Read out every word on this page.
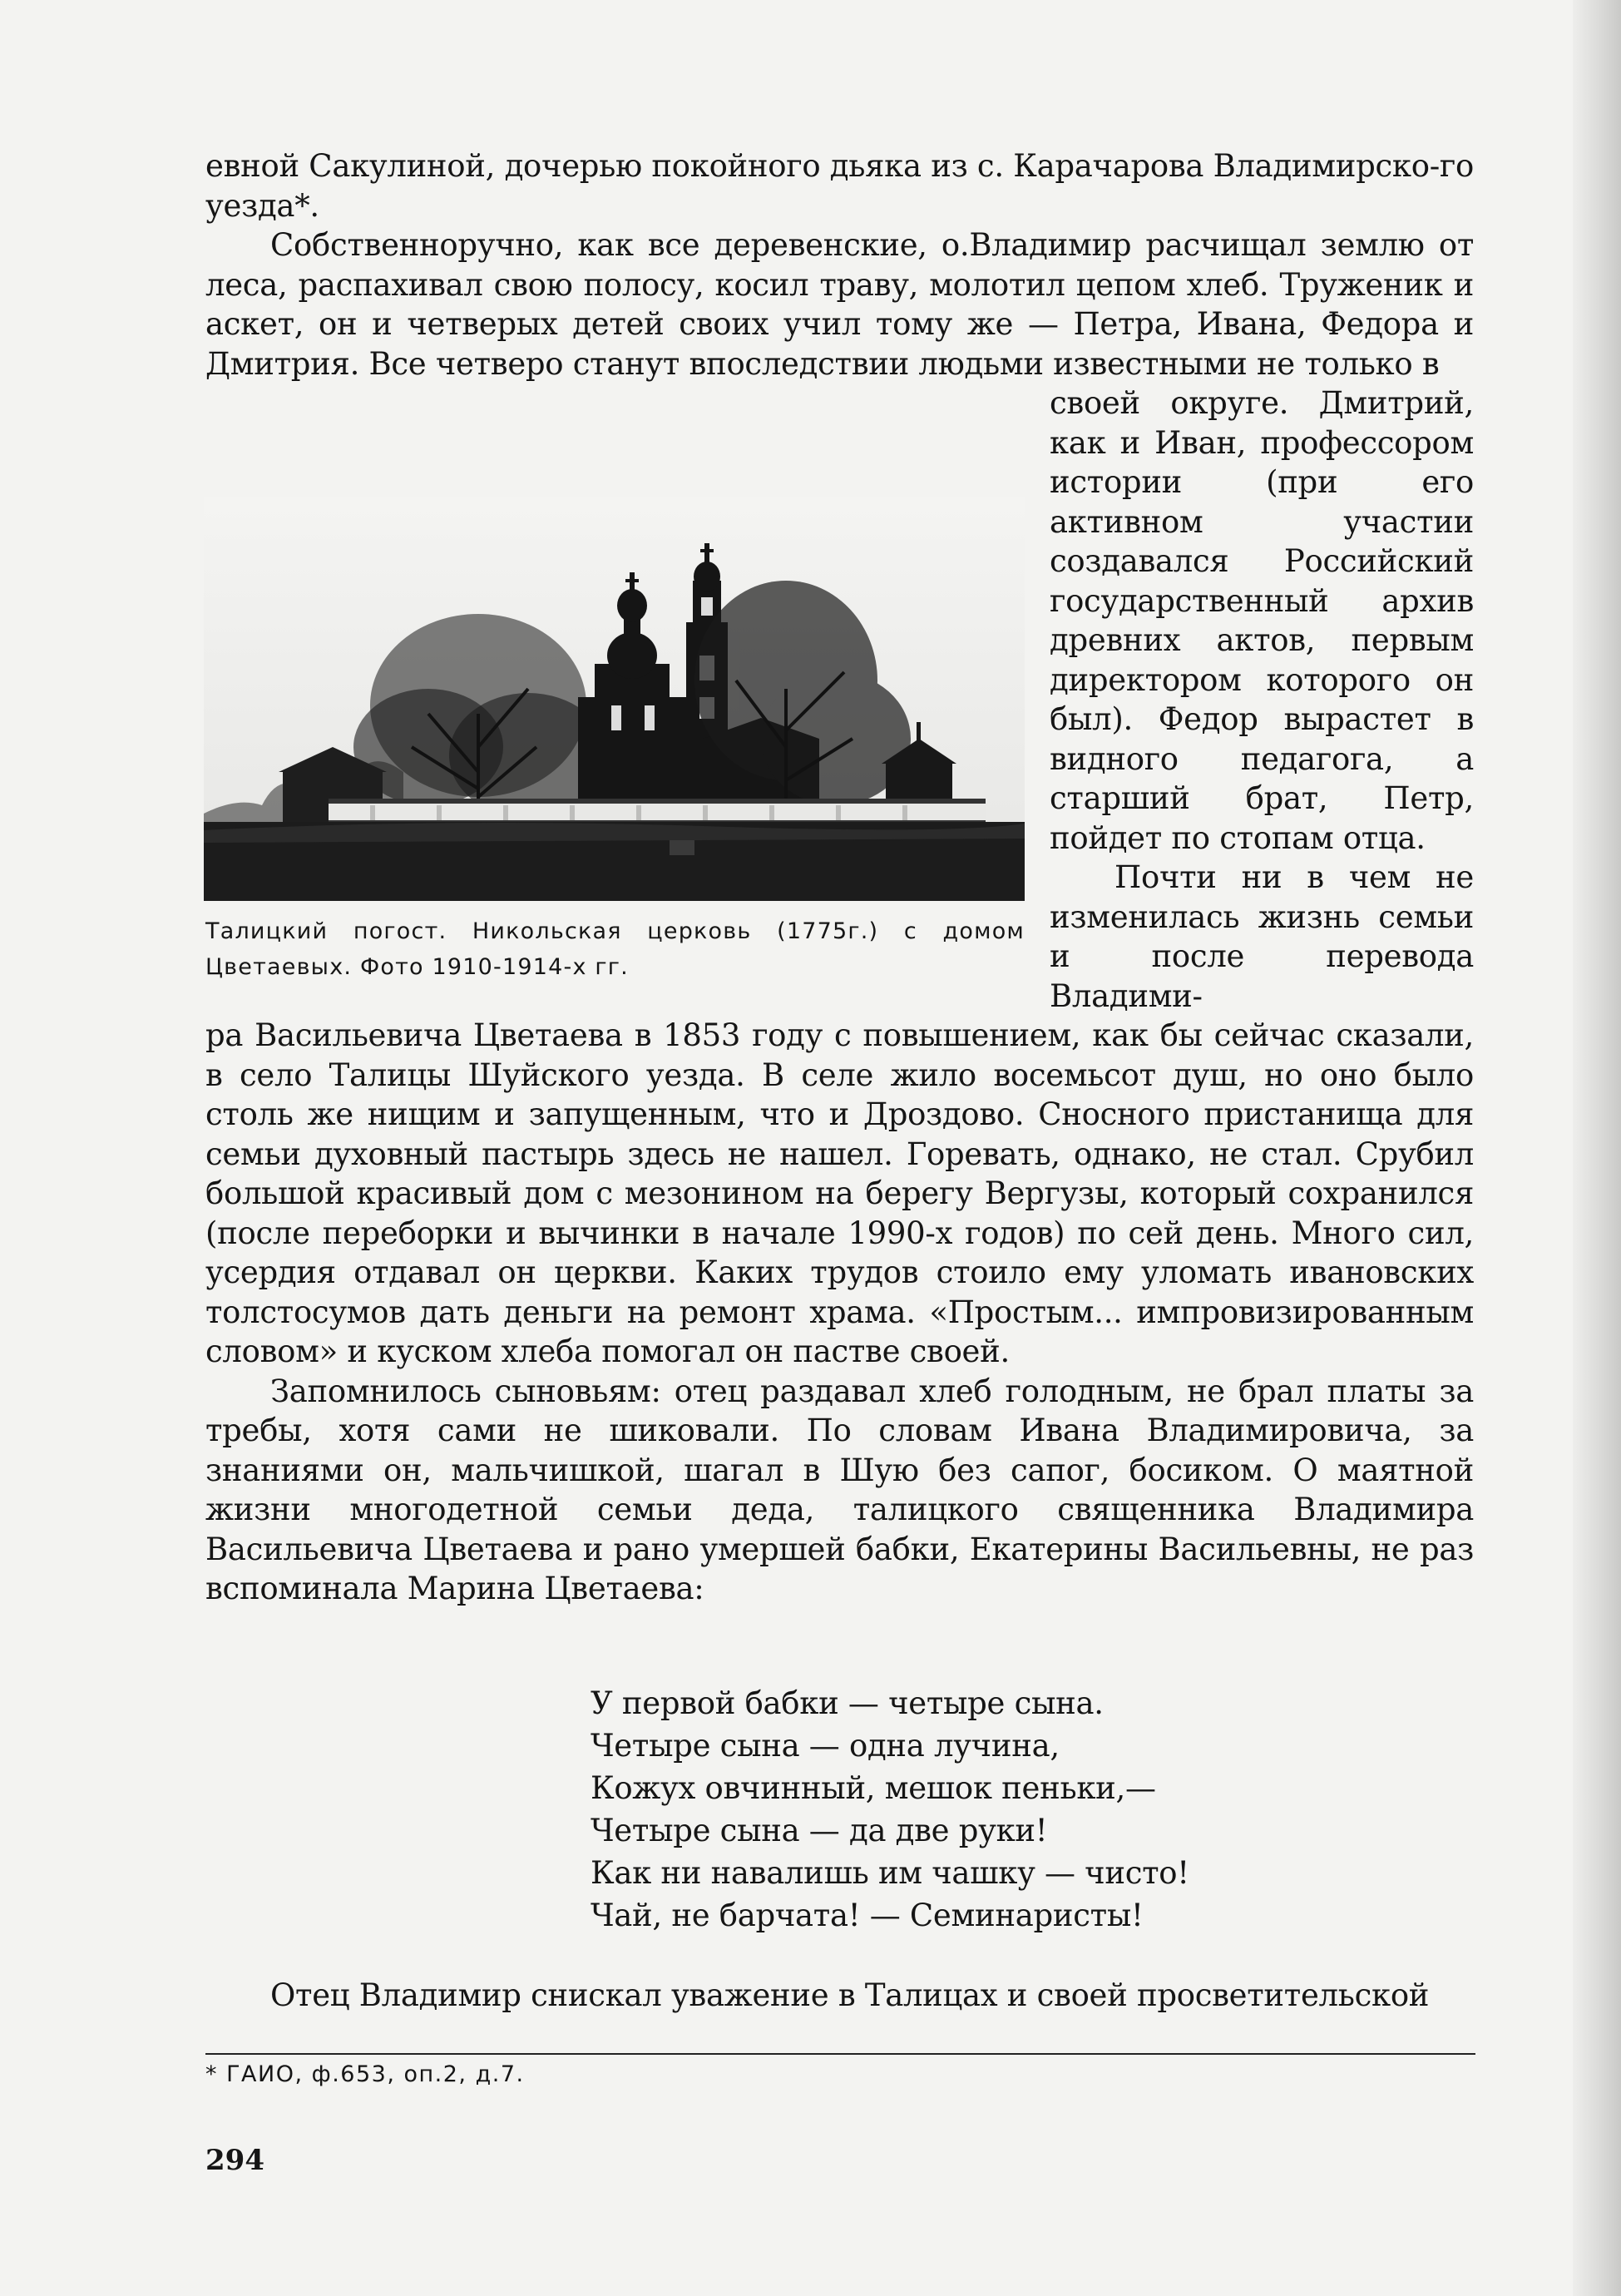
евной Сакулиной, дочерью покойного дьяка из с. Карачарова Владимирско-го уезда*.

Собственноручно, как все деревенские, о.Владимир расчищал землю от леса, распахивал свою полосу, косил траву, молотил цепом хлеб. Труженик и аскет, он и четверых детей своих учил тому же — Петра, Ивана, Федора и Дмитрия. Все четверо станут впоследствии людьми известными не только в

Талицкий погост. Никольская церковь (1775г.) с домом Цветаевых. Фото 1910-1914-х гг.

своей округе. Дмитрий, как и Иван, профессором истории (при его активном участии создавался Российский государственный архив древних актов, первым директором которого он был). Федор вырастет в видного педагога, а старший брат, Петр, пойдет по стопам отца.

Почти ни в чем не изменилась жизнь семьи и после перевода Владими-

ра Васильевича Цветаева в 1853 году с повышением, как бы сейчас сказали, в село Талицы Шуйского уезда. В селе жило восемьсот душ, но оно было столь же нищим и запущенным, что и Дроздово. Сносного пристанища для семьи духовный пастырь здесь не нашел. Горевать, однако, не стал. Срубил большой красивый дом с мезонином на берегу Вергузы, который сохранился (после переборки и вычинки в начале 1990-х годов) по сей день. Много сил, усердия отдавал он церкви. Каких трудов стоило ему уломать ивановских толстосумов дать деньги на ремонт храма. «Простым... импровизированным словом» и куском хлеба помогал он пастве своей.

Запомнилось сыновьям: отец раздавал хлеб голодным, не брал платы за требы, хотя сами не шиковали. По словам Ивана Владимировича, за знаниями он, мальчишкой, шагал в Шую без сапог, босиком. О маятной жизни многодетной семьи деда, талицкого священника Владимира Васильевича Цветаева и рано умершей бабки, Екатерины Васильевны, не раз вспоминала Марина Цветаева:

У первой бабки — четыре сына.
Четыре сына — одна лучина,
Кожух овчинный, мешок пеньки,—
Четыре сына — да две руки!
Как ни навалишь им чашку — чисто!
Чай, не барчата! — Семинаристы!
Отец Владимир снискал уважение в Талицах и своей просветительской
* ГАИО, ф.653, оп.2, д.7.
294
